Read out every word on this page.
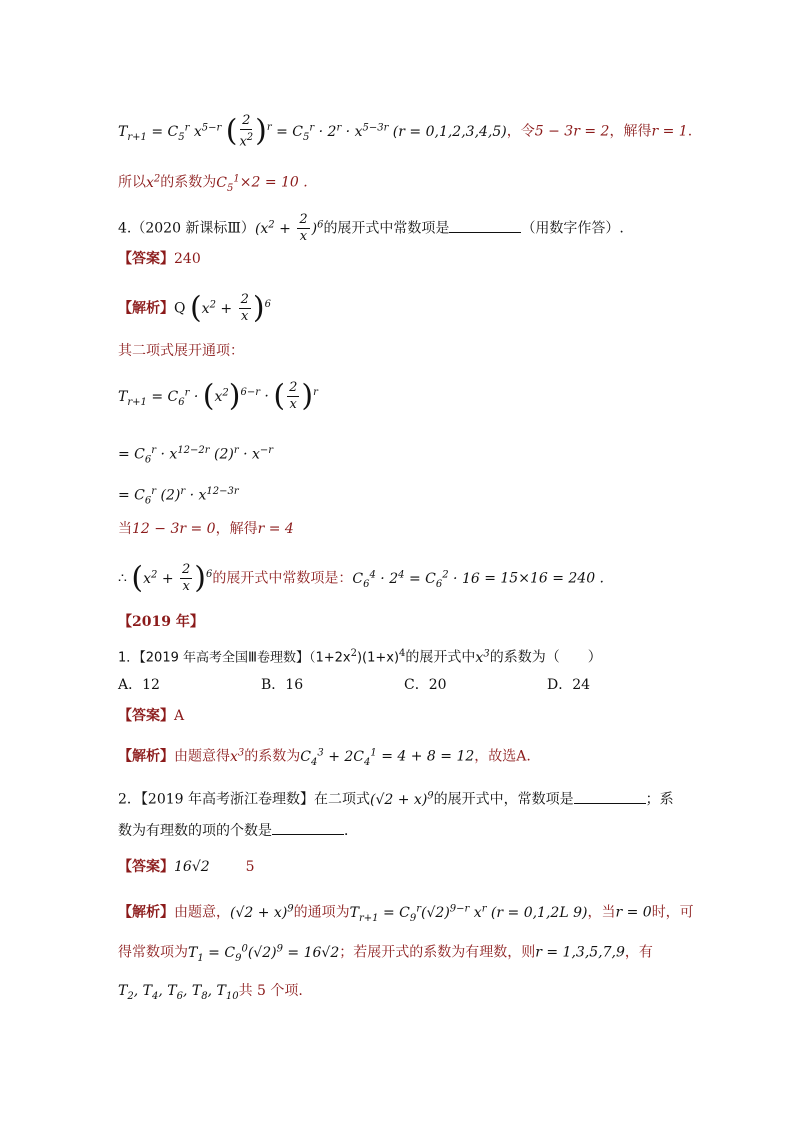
$T_{r+1} = C_5^r$ $x^{5-r}$ ( $\frac{2}{x^2} )^r = C_5^r \cdot 2^r \cdot x^{5-3r}$ (r = 0,1,2,3,4,5)，令5 − 3r = 2，解得r = 1.
所以$x^2$的系数为$C_5^1\times 2 = 10$ .
4.（2020 新课标$Ⅲ)(x^2 + \frac{2}{x} )^6$的展开式中常数项是	（用数字作答）.
【答案】240
【解析】Q $(x^2 + \frac{2}{x} )^6$
其二项式展开通项：
$T_{r+1} = C_6^r \cdot (x^2)^{6-r}$ · ( $\frac{2}{x} )^r$
= $C_6^r \cdot x^{12-2r}$ $(2)^r \cdot x^{-r}$
= $C_6^r$ $(2)^r \cdot x^{12-3r}$
当12 − 3r = 0，解得r = 4
∴ $(x^2 + \frac{2}{x} )^6$的展开式中常数项是：$C_6^4 \cdot 2^4 = C_6^2 \cdot 16 = 15\times 16 = 240$ .
【2019 年】
1．【2019 年高考全国Ⅲ卷理数】$(1+2x^2)(1+x)^4$的展开式中$x^3$的系数为（　　）
A．12	B．16	C．20	D．24
【答案】A
【解析】由题意得$x^3$的系数为$C_4^3 + 2C_4^1 = 4 + 8 = 12$，故选A.
2．【2019 年高考浙江卷理数】在二项式$(√2 + x)^9$的展开式中，常数项是	；系
数为有理数的项的个数是	．
【答案】16√2	5
【解析】由题意，$(√2 + x)^9$的通项为$T_{r+1} = C_9^r(√2)^{9-r}$ $x^r$ (r = 0,1,2L 9)，当r = 0时，可
得常数项为$T_1 = C_9^0(√2)^9 = 16√2$；若展开式的系数为有理数，则r = 1,3,5,7,9，有
$T_2$, $T_4$, $T_6$, $T_8$, $T_{10}$共 5 个项.
